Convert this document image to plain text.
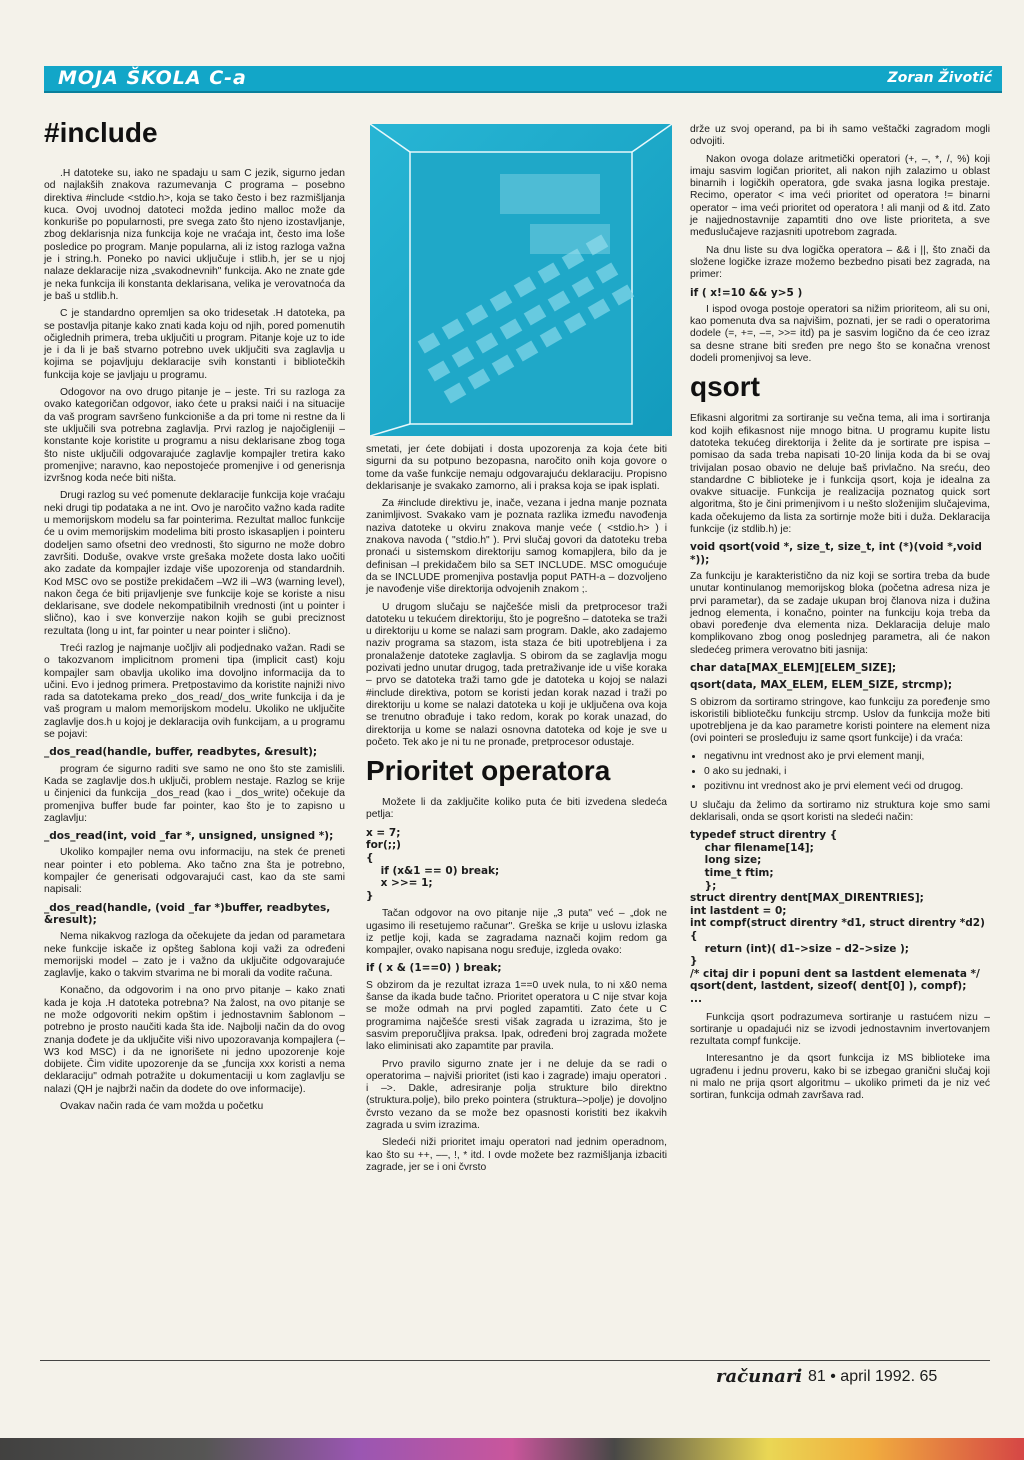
MOJA ŠKOLA C-a	Zoran Životić
#include

.H datoteke su, iako ne spadaju u sam C jezik, sigurno jedan od najlakših znakova razumevanja C programa – posebno direktiva #include <stdio.h>, koja se tako često i bez razmišljanja kuca. Ovoj uvodnoj datoteci možda jedino malloc može da konkuriše po popularnosti, pre svega zato što njeno izostavljanje, zbog deklarisnja niza funkcija koje ne vraćaja int, često ima loše posledice po program. Manje popularna, ali iz istog razloga važna je i string.h. Poneko po navici uključuje i stlib.h, jer se u njoj nalaze deklaracije niza „svakodnevnih" funkcija. Ako ne znate gde je neka funkcija ili konstanta deklarisana, velika je verovatnoća da je baš u stdlib.h.

C je standardno opremljen sa oko tridesetak .H datoteka, pa se postavlja pitanje kako znati kada koju od njih, pored pomenutih očiglednih primera, treba uključiti u program. Pitanje koje uz to ide je i da li je baš stvarno potrebno uvek uključiti sva zaglavlja u kojima se pojavljuju deklaracije svih konstanti i bibliotečkih funkcija koje se javljaju u programu.

Odogovor na ovo drugo pitanje je – jeste. Tri su razloga za ovako kategoričan odgovor, iako ćete u praksi naići i na situacije da vaš program savršeno funkcioniše a da pri tome ni restne da li ste uključili sva potrebna zaglavlja. Prvi razlog je najočigleniji – konstante koje koristite u programu a nisu deklarisane zbog toga što niste uključili odgovarajuće zaglavlje kompajler tretira kako promenjive; naravno, kao nepostojeće promenjive i od generisnja izvršnog koda neće biti ništa.

Drugi razlog su već pomenute deklaracije funkcija koje vraćaju neki drugi tip podataka a ne int. Ovo je naročito važno kada radite u memorijskom modelu sa far pointerima. Rezultat malloc funkcije će u ovim memorijskim modelima biti prosto iskasapljen i pointeru dodeljen samo ofsetni deo vrednosti, što sigurno ne može dobro završiti. Doduše, ovakve vrste grešaka možete dosta lako uočiti ako zadate da kompajler izdaje više upozorenja od standardnih. Kod MSC ovo se postiže prekidačem –W2 ili –W3 (warning level), nakon čega će biti prijavljenje sve funkcije koje se koriste a nisu deklarisane, sve dodele nekompatibilnih vrednosti (int u pointer i slično), kao i sve konverzije nakon kojih se gubi preciznost rezultata (long u int, far pointer u near pointer i slično).

Treći razlog je najmanje uočljiv ali podjednako važan. Radi se o takozvanom implicitnom promeni tipa (implicit cast) koju kompajler sam obavlja ukoliko ima dovoljno informacija da to učini. Evo i jednog primera. Pretpostavimo da koristite najniži nivo rada sa datotekama preko _dos_read/_dos_write funkcija i da je vaš program u malom memorijskom modelu. Ukoliko ne uključite zaglavlje dos.h u kojoj je deklaracija ovih funkcijam, a u programu se pojavi:

_dos_read(handle, buffer, readbytes, &result);

program će sigurno raditi sve samo ne ono što ste zamislili. Kada se zaglavlje dos.h uključi, problem nestaje. Razlog se krije u činjenici da funkcija _dos_read (kao i _dos_write) očekuje da promenjiva buffer bude far pointer, kao što je to zapisno u zaglavlju:

_dos_read(int, void _far *, unsigned, unsigned *);

Ukoliko kompajler nema ovu informaciju, na stek će preneti near pointer i eto poblema. Ako tačno zna šta je potrebno, kompajler će generisati odgovarajući cast, kao da ste sami napisali:

_dos_read(handle, (void _far *)buffer, readbytes, &result);

Nemа nikakvog razloga da očekujete da jedan od parametara neke funkcije iskače iz opšteg šablona koji važi za određeni memorijski model – zato je i važno da uključite odgovarajuće zaglavlje, kako o takvim stvarima ne bi morali da vodite računa.

Konačno, da odgovorim i na ono prvo pitanje – kako znati kada je koja .H datoteka potrebna? Na žalost, na ovo pitanje se ne može odgovoriti nekim opštim i jednostavnim šablonom – potrebno je prosto naučiti kada šta ide. Najbolji način da do ovog znanja dođete je da uključite viši nivo upozoravanja kompajlera (–W3 kod MSC) i da ne ignorišete ni jedno upozorenje koje dobijete. Čim vidite upozorenje da se „funcija xxx koristi a nema deklaraciju" odmah potražite u dokumentaciji u kom zaglavlju se nalazi (QH je najbrži način da dodete do ove informacije).

Ovakav način rada će vam možda u početku

smetati, jer ćete dobijati i dosta upozorenja za koja ćete biti sigurni da su potpuno bezopasna, naročito onih koja govore o tome da vaše funkcije nemaju odgovarajuću deklaraciju. Propisno deklarisanje je svakako zamorno, ali i praksa koja se ipak isplati.

Za #include direktivu je, inače, vezana i jedna manje poznata zanimljivost. Svakako vam je poznata razlika između navođenja naziva datoteke u okviru znakova manje veće ( <stdio.h> ) i znakova navoda ( "stdio.h" ). Prvi slučaj govori da datoteku treba pronaći u sistemskom direktoriju samog komapjlera, bilo da je definisan –I prekidačem bilo sa SET INCLUDE. MSC omogućuje da se INCLUDE promenjiva postavlja poput PATH-a – dozvoljeno je navođenje više direktorija odvojenih znakom ;.

U drugom slučaju se najčešće misli da pretprocesor traži datoteku u tekućem direktoriju, što je pogrešno – datoteka se traži u direktoriju u kome se nalazi sam program. Dakle, ako zadajemo naziv programa sa stazom, ista staza će biti upotrebljena i za pronalaženje datoteke zaglavlja. S obirom da se zaglavlja mogu pozivati jedno unutar drugog, tada pretraživanje ide u više koraka – prvo se datoteka traži tamo gde je datoteka u kojoj se nalazi #include direktiva, potom se koristi jedan korak nazad i traži po direktoriju u kome se nalazi datoteka u koji je uključena ova koja se trenutno obrađuje i tako redom, korak po korak unazad, do direktorija u kome se nalazi osnovna datoteka od koje je sve u početo. Tek ako je ni tu ne pronađe, pretprocesor odustaje.

Prioritet operatora

Možete li da zaključite koliko puta će biti izvedena sledeća petlja:

x = 7;
for(;;)
{
if (x&1 == 0) break;
x >>= 1;
}

Tačan odgovor na ovo pitanje nije „3 puta" već – „dok ne ugasimo ili resetujemo računar". Greška se krije u uslovu izlaska iz petlje koji, kada se zagradama naznači kojim redom ga kompajler, ovako napisana nogu sređuje, izgleda ovako:

if ( x & (1==0) ) break;

S obzirom da je rezultat izraza 1==0 uvek nula, to ni x&0 nema šanse da ikada bude tačno. Prioritet operatora u C nije stvar koja se može odmah na prvi pogled zapamtiti. Zato ćete u C programima najčešće sresti višak zagrada u izrazima, što je sasvim preporučljiva praksa. Ipak, određeni broj zagrada možete lako eliminisati ako zapamtite par pravila.

Prvo pravilo sigurno znate jer i ne deluje da se radi o operatorima – najviši prioritet (isti kao i zagrade) imaju operatori . i –>. Dakle, adresiranje polja strukture bilo direktno (struktura.polje), bilo preko pointera (struktura–>polje) je dovoljno čvrsto vezano da se može bez opasnosti koristiti bez ikakvih zagrada u svim izrazima.

Sledeći niži prioritet imaju operatori nad jednim operadnom, kao što su ++, ––, !, * itd. I ovde možete bez razmišljanja izbaciti zagrade, jer se i oni čvrsto

drže uz svoj operand, pa bi ih samo veštački zagradom mogli odvojiti.

Nakon ovoga dolaze aritmetički operatori (+, –, *, /, %) koji imaju sasvim logičan prioritet, ali nakon njih zalazimo u oblast binarnih i logičkih operatora, gde svaka jasna logika prestaje. Recimo, operator < ima veći prioritet od operatora != binarni operator ~ ima veći prioritet od operatora ! ali manji od & itd. Zato je najjednostavnije zapamtiti dno ove liste prioriteta, a sve međuslučajeve razjasniti upotrebom zagrada.

Na dnu liste su dva logička operatora – && i ||, što znači da složene logičke izraze možemo bezbedno pisati bez zagrada, na primer:

if ( x!=10 && y>5 )

I ispod ovoga postoje operatori sa nižim prioriteom, ali su oni, kao pomenuta dva sa najvišim, poznati, jer se radi o operatorima dodele (=, +=, –=, >>= itd) pa je sasvim logično da će ceo izraz sa desne strane biti sređen pre nego što se konačna vrenost dodeli promenjivoj sa leve.

qsort

Efikasni algoritmi za sortiranje su večna tema, ali ima i sortiranja kod kojih efikasnost nije mnogo bitna. U programu kupite listu datoteka tekućeg direktorija i želite da je sortirate pre ispisa – pomisao da sada treba napisati 10-20 linija koda da bi se ovaj trivijalan posao obavio ne deluje baš privlačno. Na sreću, deo standardne C biblioteke je i funkcija qsort, koja je idealna za ovakve situacije. Funkcija je realizacija poznatog quick sort algoritma, što je čini primenjivom i u nešto složenijim slučajevima, kada očekujemo da lista za sortirnje može biti i duža. Deklaracija funkcije (iz stdlib.h) je:

void qsort(void *, size_t, size_t, int (*)(void *,void *));

Za funkciju je karakteristično da niz koji se sortira treba da bude unutar kontinulanog memorijskog bloka (početna adresa niza je prvi parametar), da se zadaje ukupan broj članova niza i dužina jednog elementa, i konačno, pointer na funkciju koja treba da obavi poređenje dva elementa niza. Deklaracija deluje malo komplikovano zbog onog poslednjeg parametra, ali će nakon sledećeg primera verovatno biti jasnija:

char data[MAX_ELEM][ELEM_SIZE];

qsort(data, MAX_ELEM, ELEM_SIZE, strcmp);

S obizrom da sortiramo stringove, kao funkciju za poređenje smo iskoristili bibliotečku funkciju strcmp. Uslov da funkcija može biti upotrebljena je da kao parametre koristi pointere na element niza (ovi pointeri se prosleđuju iz same qsort funkcije) i da vraća:

• negativnu int vrednost ako je prvi element manji,
• 0 ako su jednaki, i
• pozitivnu int vrednost ako je prvi element veći od drugog.

U slučaju da želimo da sortiramo niz struktura koje smo sami deklarisali, onda se qsort koristi na sledeći način:

typedef struct direntry {
char filename[14];
long size;
time_t ftim;
};
struct direntry dent[MAX_DIRENTRIES];
int lastdent = 0;
int compf(struct direntry *d1, struct direntry *d2)
{
return (int)( d1–>size – d2–>size );
}
/* citaj dir i popuni dent sa lastdent elemenata */
qsort(dent, lastdent, sizeof( dent[0] ), compf);
...

Funkcija qsort podrazumeva sortiranje u rastućem nizu – sortiranje u opadajući niz se izvodi jednostavnim invertovanjem rezultata compf funkcije.

Interesantno je da qsort funkcija iz MS biblioteke ima ugrađenu i jednu proveru, kako bi se izbegao granični slučaj koji ni malo ne prija qsort algoritmu – ukoliko primeti da je niz već sortiran, funkcija odmah završava rad.

računari 81 • april 1992. 65
